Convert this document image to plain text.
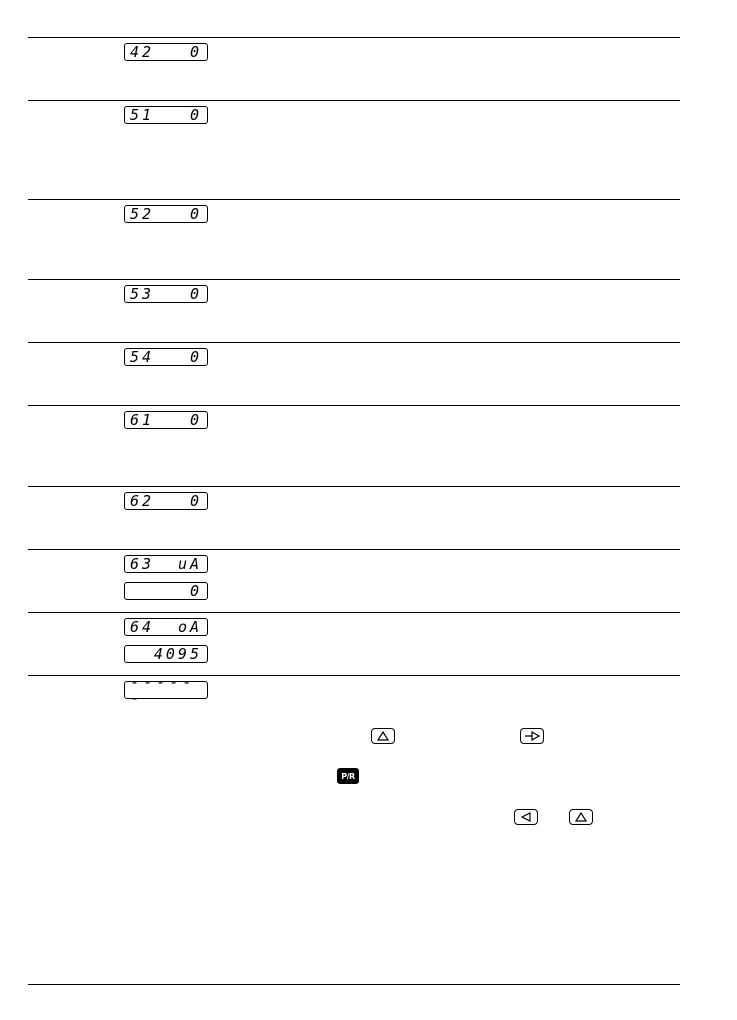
42 0
51 0
52 0
53 0
54 0
61 0
62 0
63 uA
0
64 oA
4095
------
P/R
